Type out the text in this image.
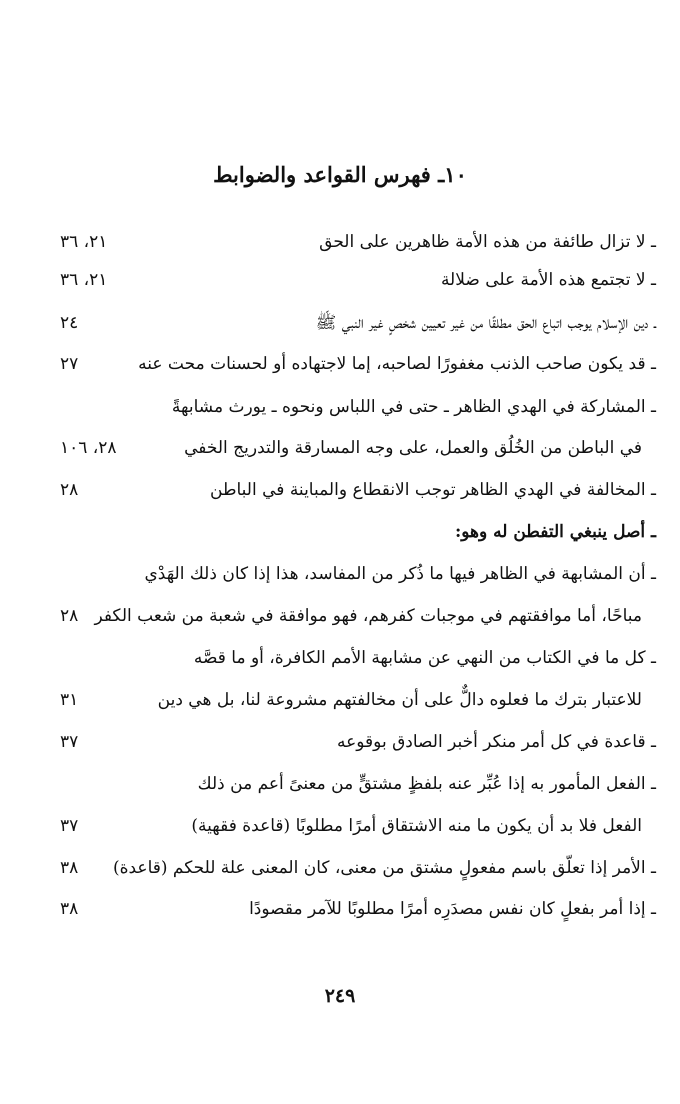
١٠ـ فهرس القواعد والضوابط
ـ لا تزال طائفة من هذه الأمة ظاهرين على الحق
٢١، ٣٦
ـ لا تجتمع هذه الأمة على ضلالة
٢١، ٣٦
ـ دين الإسلام يوجب اتباع الحق مطلقًا من غير تعيين شخصٍ غير النبي ﷺ
٢٤
ـ قد يكون صاحب الذنب مغفورًا لصاحبه، إما لاجتهاده أو لحسنات محت عنه
٢٧
ـ المشاركة في الهدي الظاهر ـ حتى في اللباس ونحوه ـ يورث مشابهةً
في الباطن من الخُلُق والعمل، على وجه المسارقة والتدريج الخفي
٢٨، ١٠٦
ـ المخالفة في الهدي الظاهر توجب الانقطاع والمباينة في الباطن
٢٨
ـ أصل ينبغي التفطن له وهو:
ـ أن المشابهة في الظاهر فيها ما ذُكر من المفاسد، هذا إذا كان ذلك الهَدْي
مباحًا، أما موافقتهم في موجبات كفرهم، فهو موافقة في شعبة من شعب الكفر
٢٨
ـ كل ما في الكتاب من النهي عن مشابهة الأمم الكافرة، أو ما قصَّه
للاعتبار بترك ما فعلوه دالٌّ على أن مخالفتهم مشروعة لنا، بل هي دين
٣١
ـ قاعدة في كل أمر منكر أخبر الصادق بوقوعه
٣٧
ـ الفعل المأمور به إذا عُبِّر عنه بلفظٍ مشتقٍّ من معنىً أعم من ذلك
الفعل فلا بد أن يكون ما منه الاشتقاق أمرًا مطلوبًا (قاعدة فقهية)
٣٧
ـ الأمر إذا تعلّق باسم مفعولٍ مشتق من معنى، كان المعنى علة للحكم (قاعدة)
٣٨
ـ إذا أمر بفعلٍ كان نفس مصدَرِه أمرًا مطلوبًا للآمر مقصودًا
٣٨
٢٤٩
